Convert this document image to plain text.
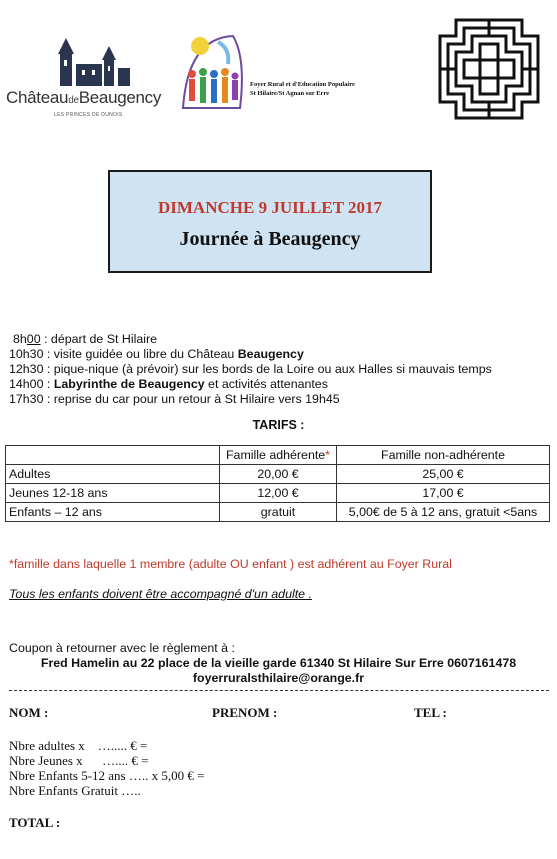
ChâteaudeBeaugency
LES PRINCES DE DUNOIS
Foyer Rural et d'Education Populaire
St Hilaire/St Agnan sur Erre
DIMANCHE 9 JUILLET 2017
Journée à Beaugency
8h00 : départ de St Hilaire
10h30 : visite guidée ou libre du Château Beaugency
12h30 : pique-nique (à prévoir) sur les bords de la Loire ou aux Halles si mauvais temps
14h00 : Labyrinthe de Beaugency et activités attenantes
17h30 : reprise du car pour un retour à St Hilaire vers 19h45
TARIFS :
	Famille adhérente*	Famille non-adhérente
Adultes	20,00 €	25,00 €
Jeunes 12-18 ans	12,00 €	17,00 €
Enfants – 12 ans	gratuit	5,00€ de 5 à 12 ans, gratuit <5ans
*famille dans laquelle 1 membre (adulte OU enfant ) est adhérent au Foyer Rural
Tous les enfants doivent être accompagné d'un adulte .
Coupon à retourner avec le règlement à :
Fred Hamelin au 22 place de la vieille garde 61340 St Hilaire Sur Erre 0607161478
foyerruralsthilaire@orange.fr
NOM :	PRENOM :	TEL :
Nbre adultes x    …..... € =
Nbre Jeunes x      ….... € =
Nbre Enfants 5-12 ans ….. x 5,00 € =
Nbre Enfants Gratuit …..
TOTAL :
